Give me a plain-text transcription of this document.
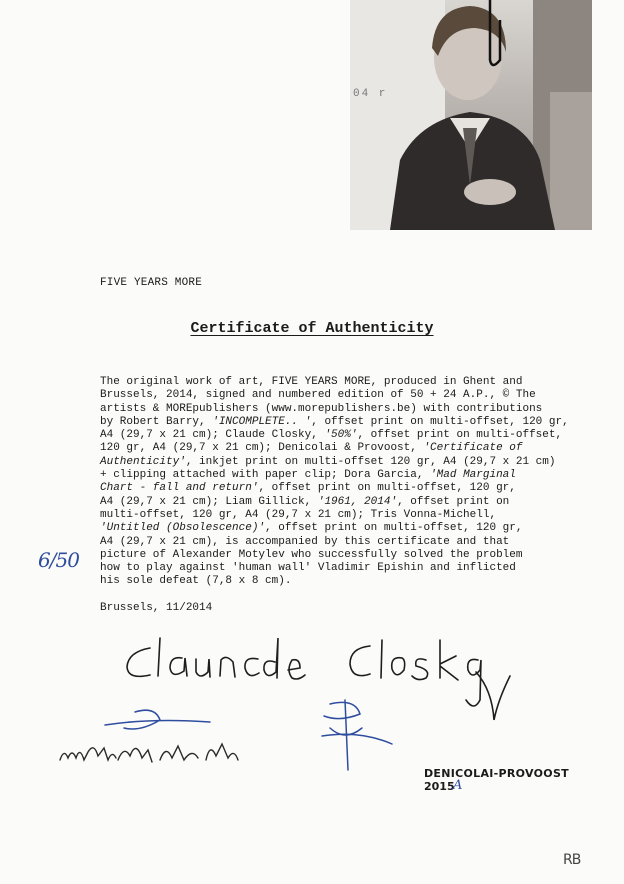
04 r
FIVE YEARS MORE
Certificate of Authenticity
The original work of art, FIVE YEARS MORE, produced in Ghent and
Brussels, 2014, signed and numbered edition of 50 + 24 A.P., © The
artists & MOREpublishers (www.morepublishers.be) with contributions
by Robert Barry, 'INCOMPLETE.. ', offset print on multi-offset, 120 gr,
A4 (29,7 x 21 cm); Claude Closky, '50%', offset print on multi-offset,
120 gr, A4 (29,7 x 21 cm); Denicolai & Provoost, 'Certificate of
Authenticity', inkjet print on multi-offset 120 gr, A4 (29,7 x 21 cm)
+ clipping attached with paper clip; Dora Garcia, 'Mad Marginal
Chart - fall and return', offset print on multi-offset, 120 gr,
A4 (29,7 x 21 cm); Liam Gillick, '1961, 2014', offset print on
multi-offset, 120 gr, A4 (29,7 x 21 cm); Tris Vonna-Michell,
'Untitled (Obsolescence)', offset print on multi-offset, 120 gr,
A4 (29,7 x 21 cm), is accompanied by this certificate and that
picture of Alexander Motylev who successfully solved the problem
how to play against 'human wall' Vladimir Epishin and inflicted
his sole defeat (7,8 x 8 cm).
6/50
Brussels, 11/2014
DENICOLAI-PROVOOST
2015
A
RB
